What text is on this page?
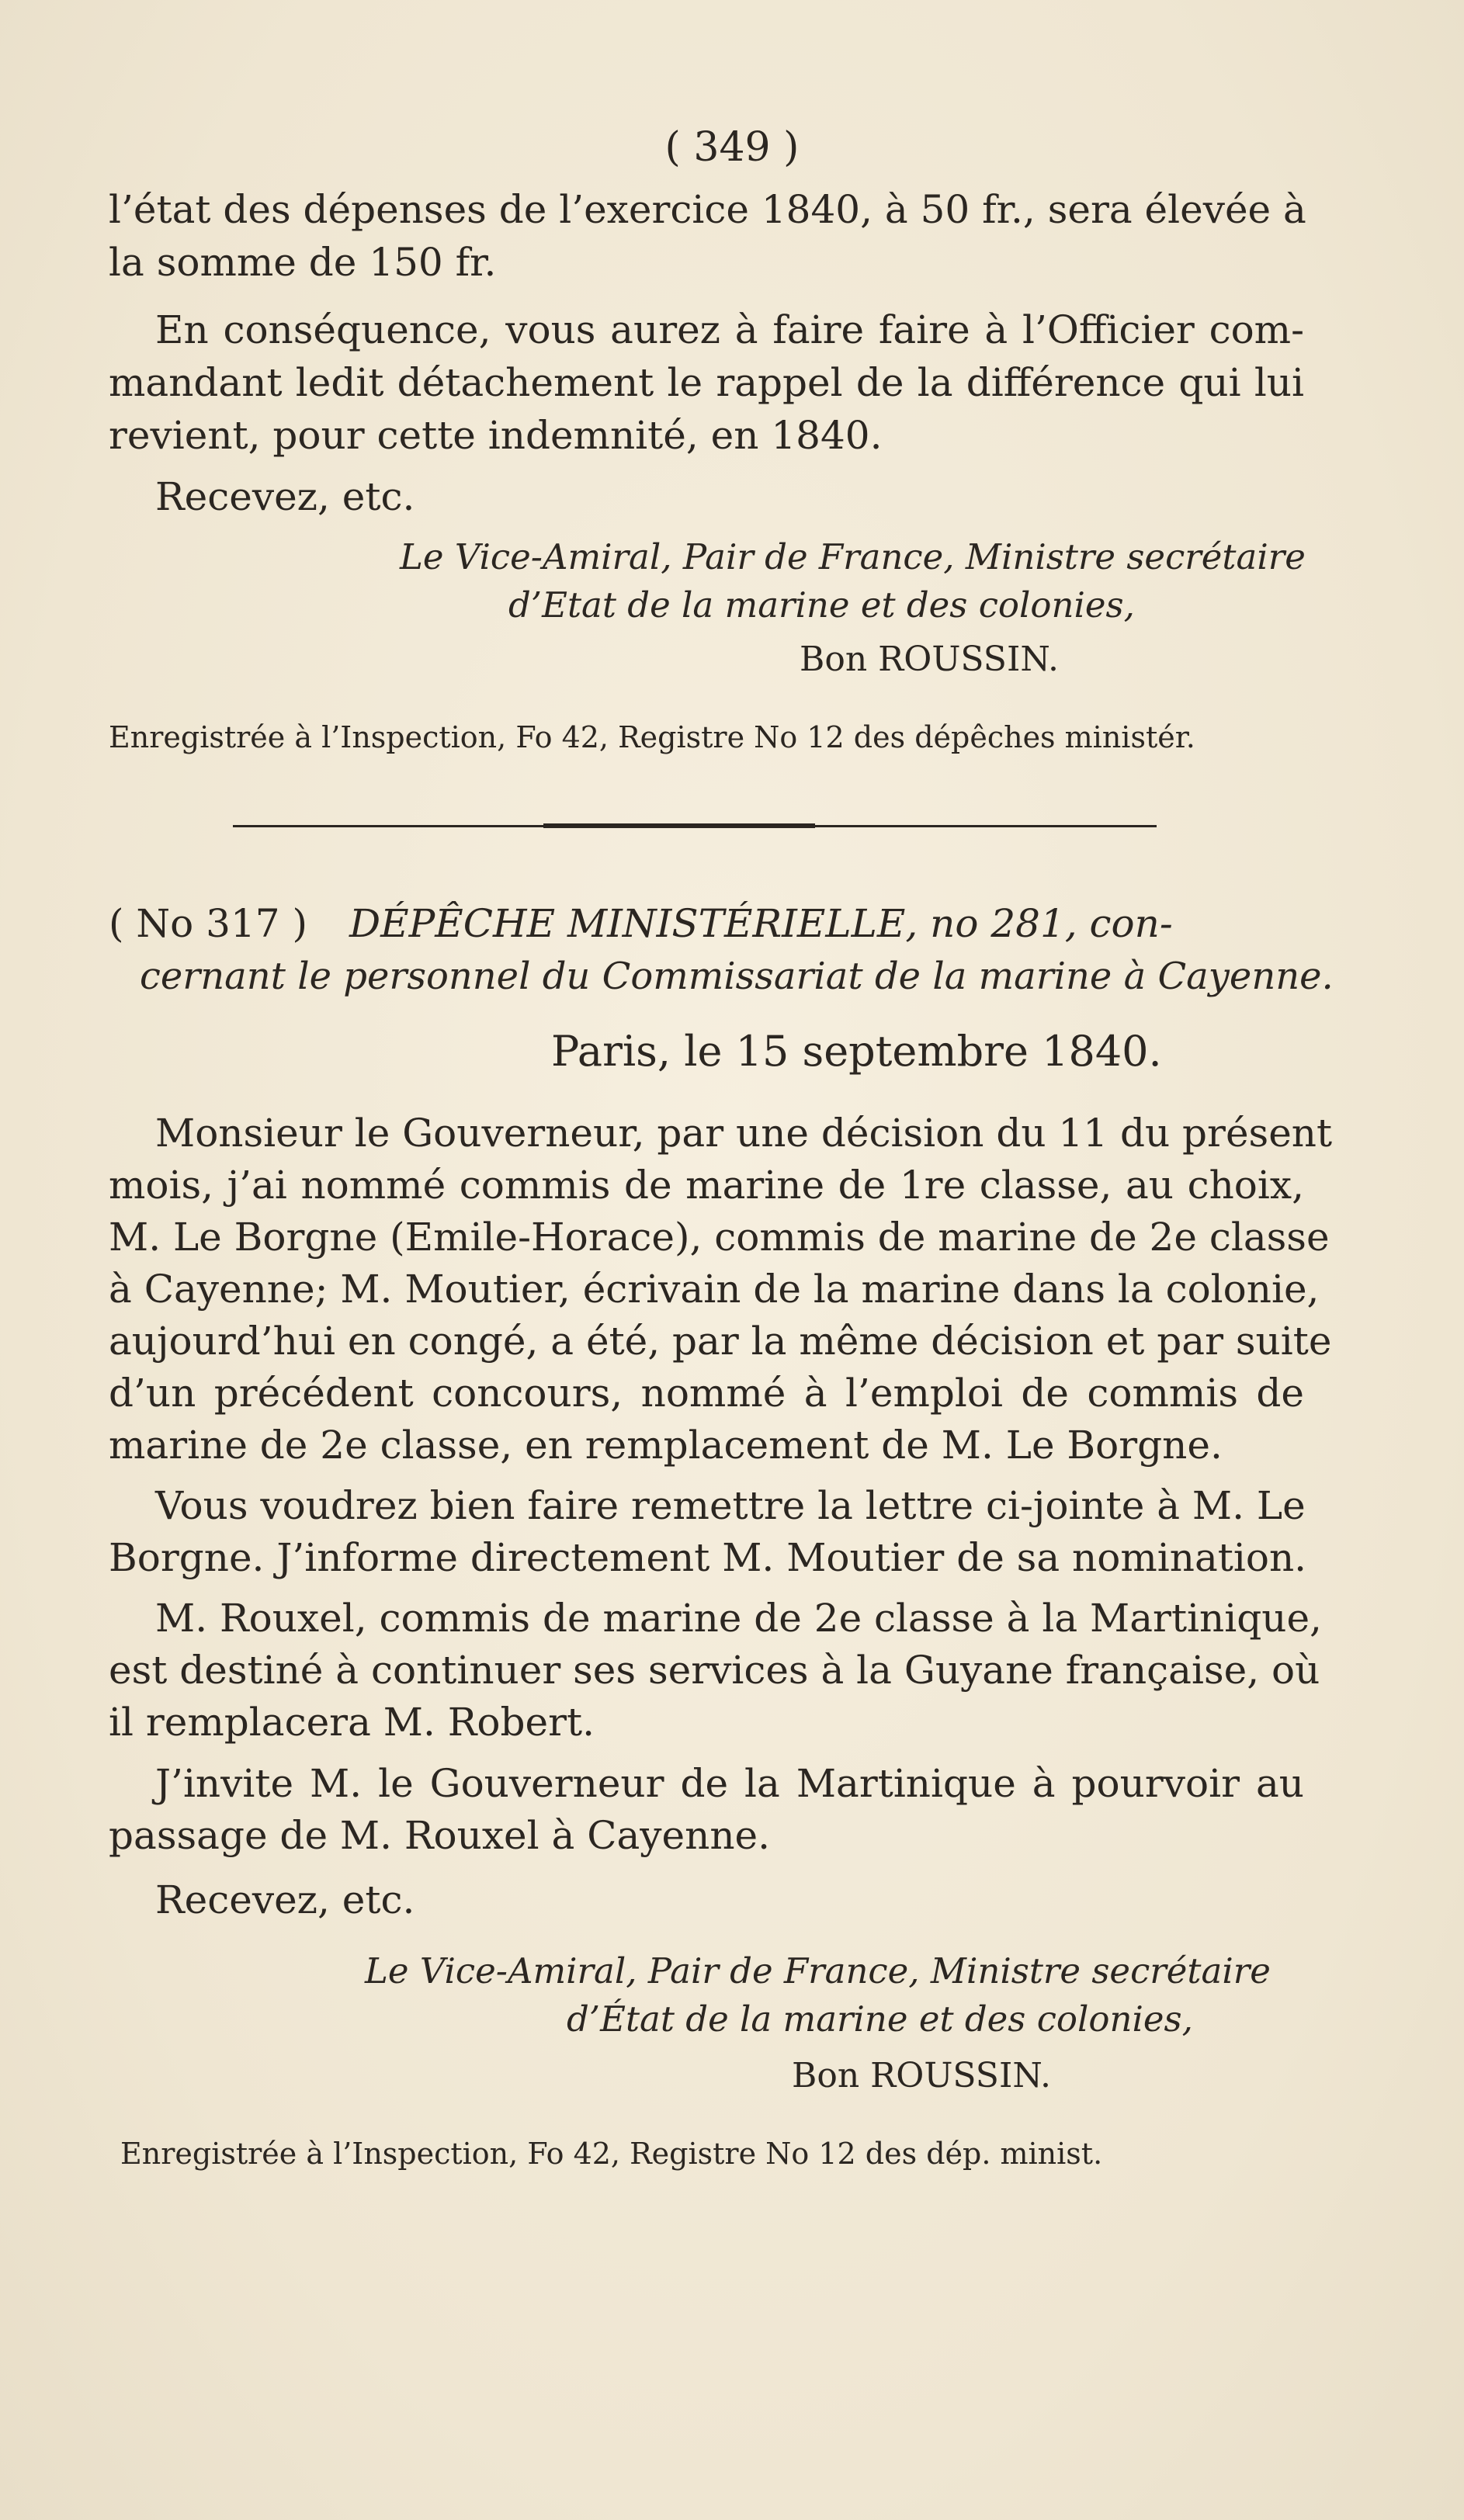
( 349 )
l’état des dépenses de l’exercice 1840, à 50 fr., sera élevée à
la somme de 150 fr.
En conséquence, vous aurez à faire faire à l’Officier com-
mandant ledit détachement le rappel de la différence qui lui
revient, pour cette indemnité, en 1840.
Recevez, etc.
Le Vice-Amiral, Pair de France, Ministre secrétaire
d’Etat de la marine et des colonies,
Bon ROUSSIN.
Enregistrée à l’Inspection, Fo 42, Registre No 12 des dépêches ministér.
( No 317 ) DÉPÊCHE MINISTÉRIELLE, no 281, con-
cernant le personnel du Commissariat de la marine à Cayenne.
Paris, le 15 septembre 1840.
Monsieur le Gouverneur, par une décision du 11 du présent
mois, j’ai nommé commis de marine de 1re classe, au choix,
M. Le Borgne (Emile-Horace), commis de marine de 2e classe
à Cayenne; M. Moutier, écrivain de la marine dans la colonie,
aujourd’hui en congé, a été, par la même décision et par suite
d’un précédent concours, nommé à l’emploi de commis de
marine de 2e classe, en remplacement de M. Le Borgne.
Vous voudrez bien faire remettre la lettre ci-jointe à M. Le
Borgne. J’informe directement M. Moutier de sa nomination.
M. Rouxel, commis de marine de 2e classe à la Martinique,
est destiné à continuer ses services à la Guyane française, où
il remplacera M. Robert.
J’invite M. le Gouverneur de la Martinique à pourvoir au
passage de M. Rouxel à Cayenne.
Recevez, etc.
Le Vice-Amiral, Pair de France, Ministre secrétaire
d’État de la marine et des colonies,
Bon ROUSSIN.
Enregistrée à l’Inspection, Fo 42, Registre No 12 des dép. minist.
